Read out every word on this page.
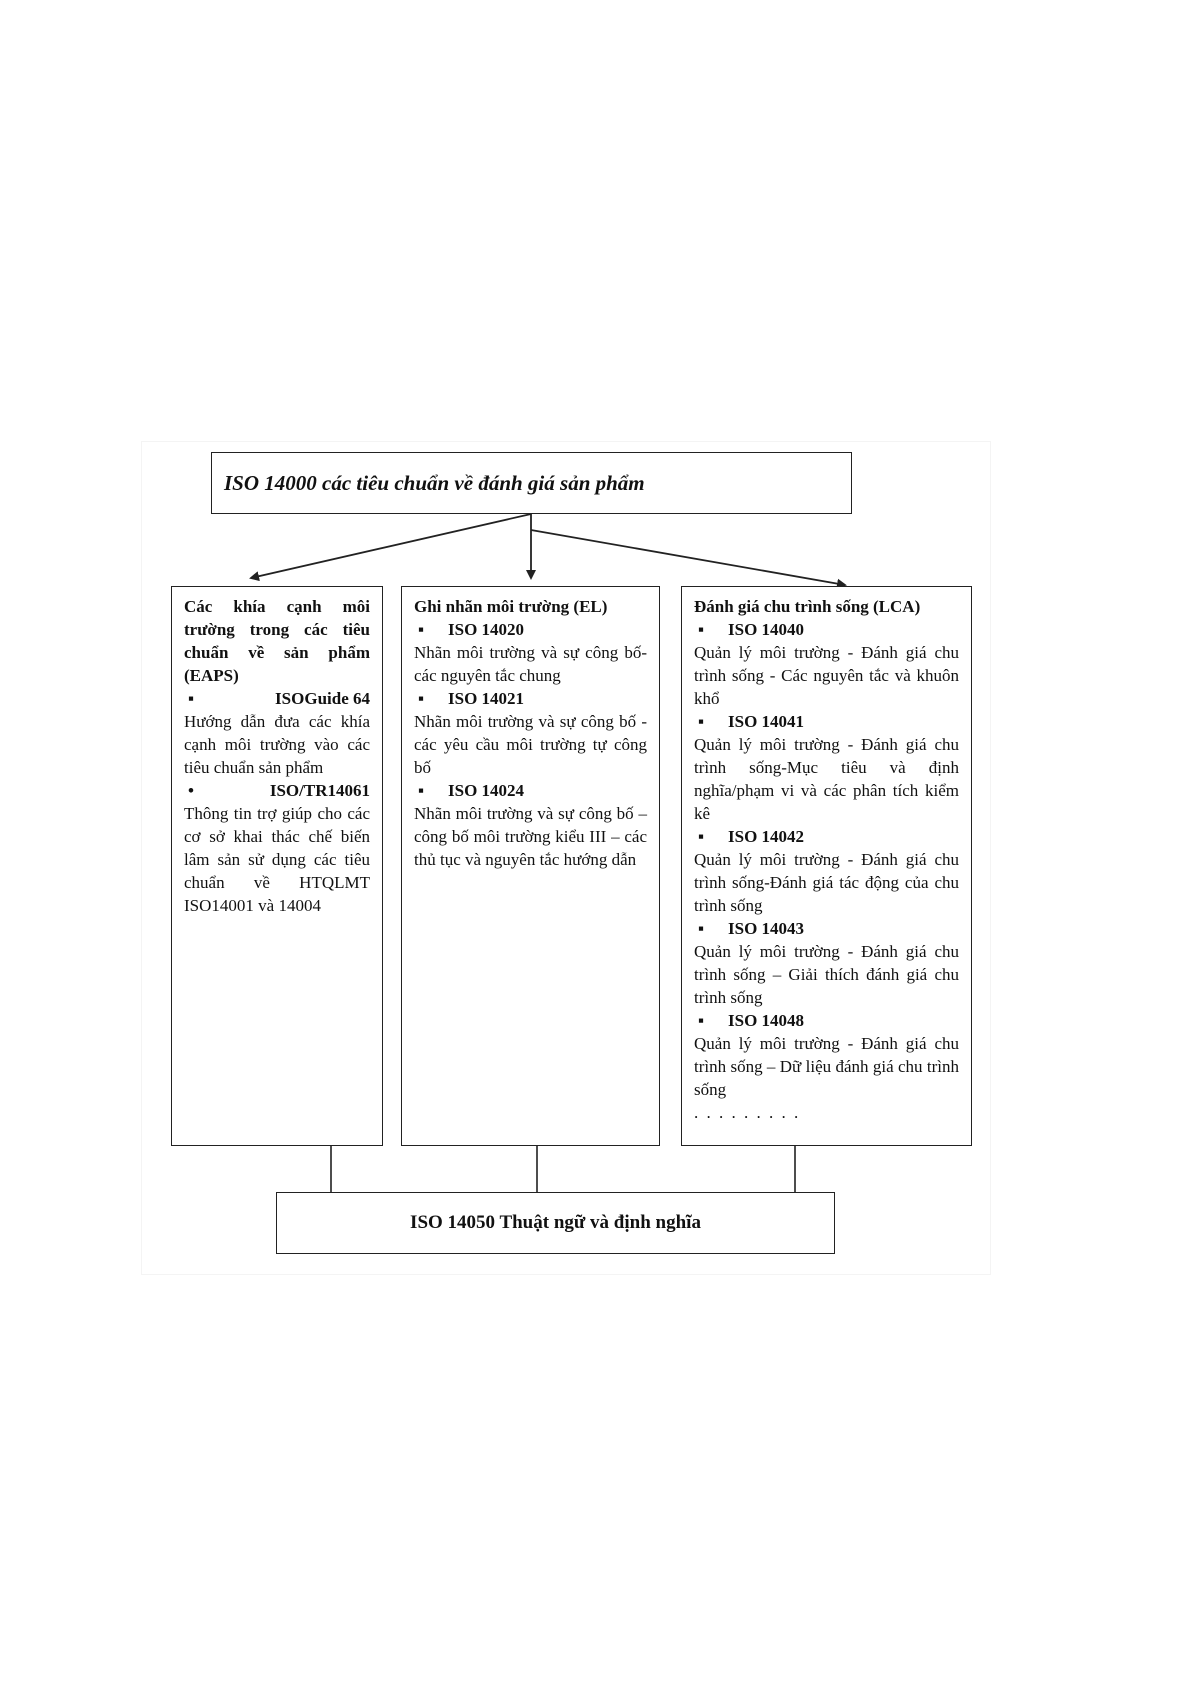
ISO 14000 các tiêu chuẩn về đánh giá sản phẩm
Các khía cạnh môi trường trong các tiêu chuẩn về sản phẩm (EAPS)
▪	ISOGuide 64
Hướng dẫn đưa các khía cạnh môi trường vào các tiêu chuẩn sản phẩm
•	ISO/TR14061
Thông tin trợ giúp cho các cơ sở khai thác chế biến lâm sản sử dụng các tiêu chuẩn về HTQLMT ISO14001 và 14004
Ghi nhãn môi trường (EL)
▪	ISO 14020
Nhãn môi trường và sự công bố-các nguyên tắc chung
▪	ISO 14021
Nhãn môi trường và sự công bố - các yêu cầu môi trường tự công bố
▪	ISO 14024
Nhãn môi trường và sự công bố – công bố môi trường kiểu III – các thủ tục và nguyên tắc hướng dẫn
Đánh giá chu trình sống (LCA)
▪	ISO 14040
Quản lý môi trường - Đánh giá chu trình sống - Các nguyên tắc và khuôn khổ
▪	ISO 14041
Quản lý môi trường - Đánh giá chu trình sống-Mục tiêu và định nghĩa/phạm vi và các phân tích kiểm kê
▪	ISO 14042
Quản lý môi trường - Đánh giá chu trình sống-Đánh giá tác động của chu trình sống
▪	ISO 14043
Quản lý môi trường - Đánh giá chu trình sống – Giải thích đánh giá chu trình sống
▪	ISO 14048
Quản lý môi trường - Đánh giá chu trình sống – Dữ liệu đánh giá chu trình sống
. . . . . . . . .
ISO 14050 Thuật ngữ và định nghĩa
